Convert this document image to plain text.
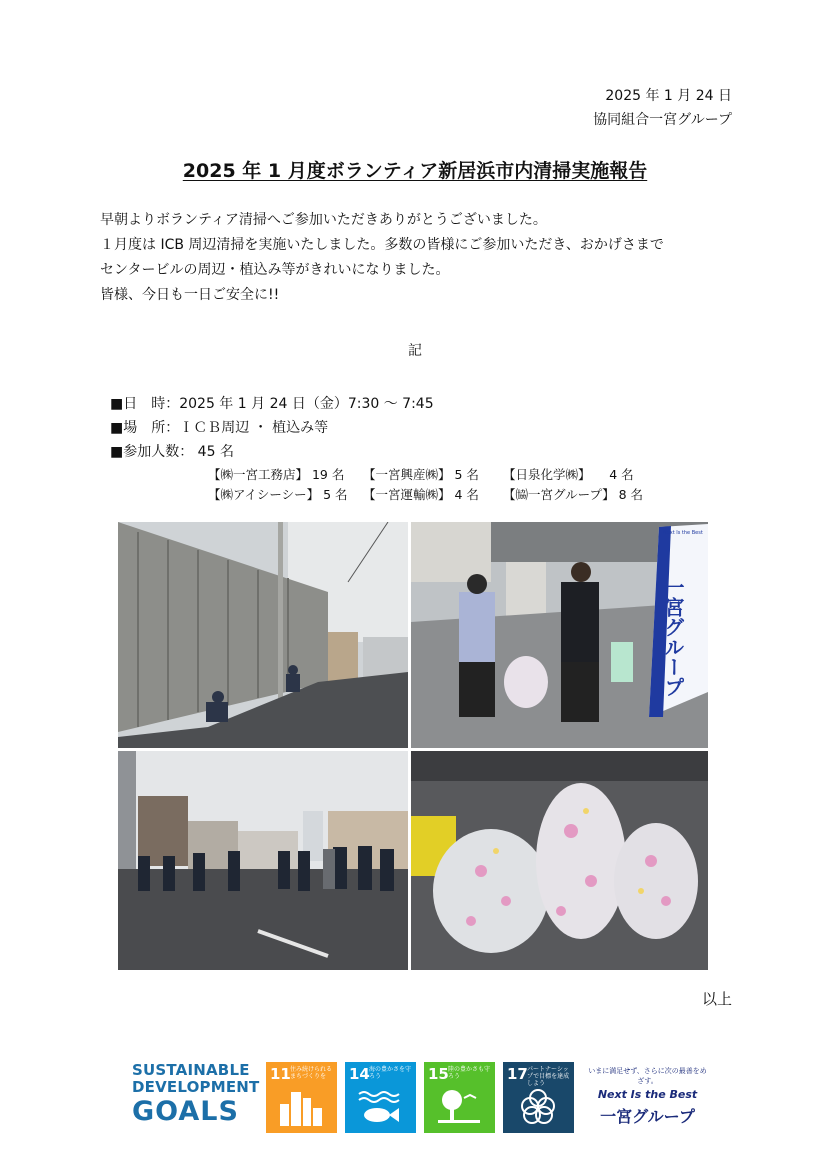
2025 年 1 月 24 日
協同組合一宮グループ
2025 年 1 月度ボランティア新居浜市内清掃実施報告

早朝よりボランティア清掃へご参加いただきありがとうございました。

１月度は ICB 周辺清掃を実施いたしました。多数の皆様にご参加いただき、おかげさまで

センタービルの周辺・植込み等がきれいになりました。

皆様、今日も一日ご安全に!!

記
■日　時：2025 年 1 月 24 日（金）7:30 ～ 7:45
■場　所：ＩＣＢ周辺 ・ 植込み等
■参加人数： 45 名
【㈱一宮工務店】 19 名	【一宮興産㈱】 5 名	【日泉化学㈱】　　4 名
【㈱アイシーシー】 5 名	【一宮運輸㈱】 4 名	【㈿一宮グループ】 8 名
一宮グループ
Next Is the Best
以上
SUSTAINABLE
DEVELOPMENT
GOALS
11 住み続けられるまちづくりを	14 海の豊かさを守ろう	15 陸の豊かさも守ろう	17 パートナーシップで目標を達成しよう
いまに満足せず、さらに次の最善をめざす。
Next Is the Best
一宮グループ
